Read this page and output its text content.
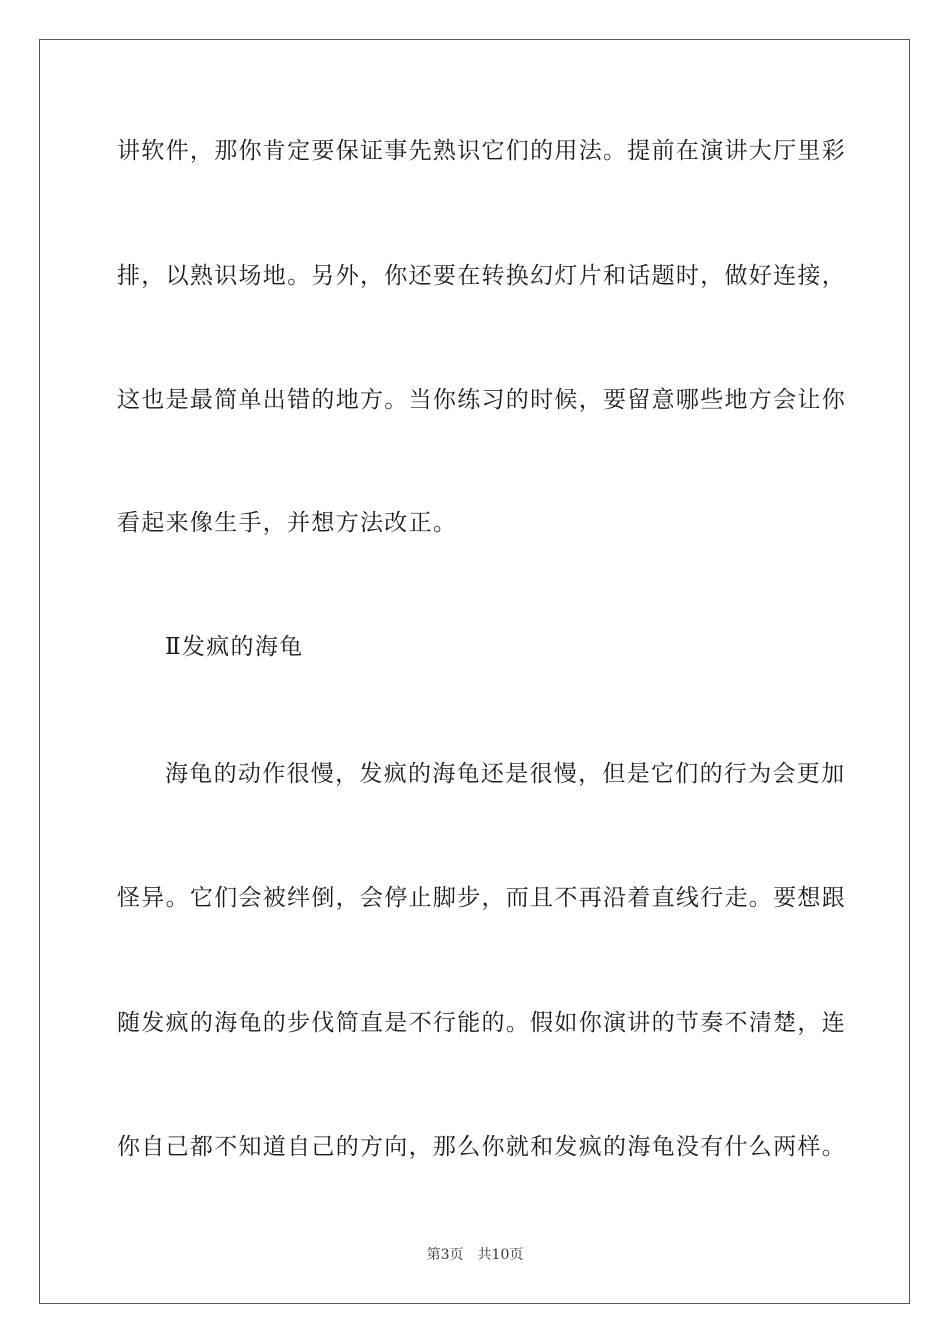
讲软件，那你肯定要保证事先熟识它们的用法。提前在演讲大厅里彩
排，以熟识场地。另外，你还要在转换幻灯片和话题时，做好连接，
这也是最简单出错的地方。当你练习的时候，要留意哪些地方会让你
看起来像生手，并想方法改正。
Ⅱ发疯的海龟
海龟的动作很慢，发疯的海龟还是很慢，但是它们的行为会更加
怪异。它们会被绊倒，会停止脚步，而且不再沿着直线行走。要想跟
随发疯的海龟的步伐简直是不行能的。假如你演讲的节奏不清楚，连
你自己都不知道自己的方向，那么你就和发疯的海龟没有什么两样。
第3页 共10页
